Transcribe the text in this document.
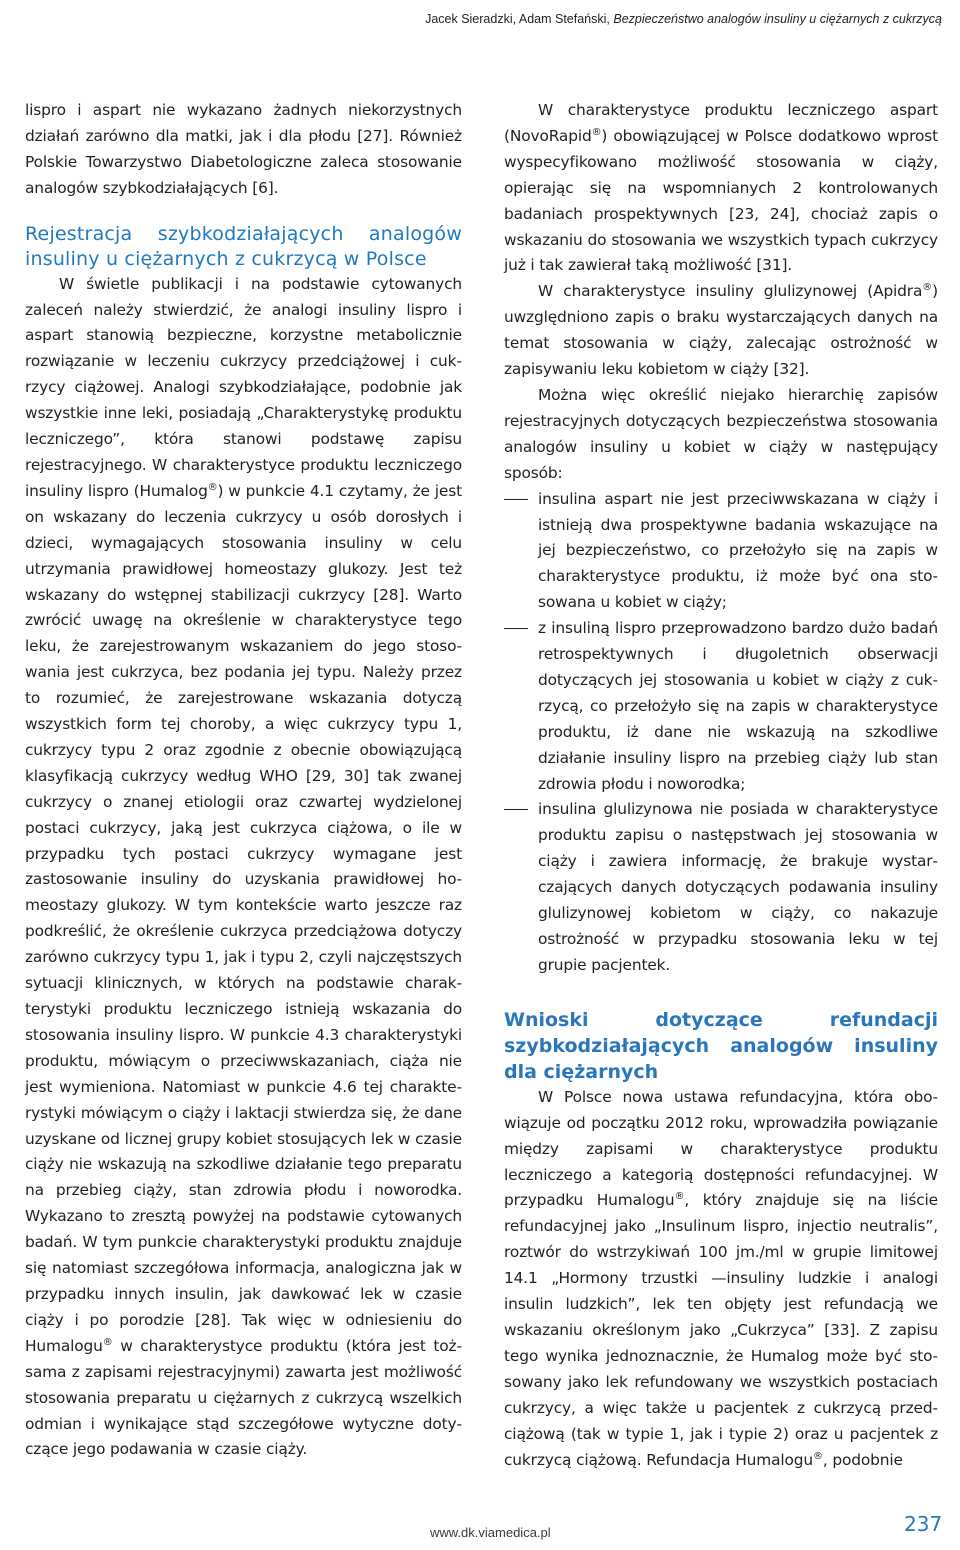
Jacek Sieradzki, Adam Stefański, Bezpieczeństwo analogów insuliny u ciężarnych z cukrzycą

lispro i aspart nie wykazano żadnych niekorzystnych działań zarówno dla matki, jak i dla płodu [27]. Również Polskie Towarzystwo Diabetologiczne zaleca stosowanie analogów szybkodziałających [6].

Rejestracja szybkodziałających analogów insuliny u ciężarnych z cukrzycą w Polsce

W świetle publikacji i na podstawie cytowanych zaleceń należy stwierdzić, że analogi insuliny lispro i aspart stanowią bezpieczne, korzystne metabolicznie rozwiązanie w leczeniu cukrzycy przedciążowej i cukrzycy ciążowej. Analogi szybkodziałające, podobnie jak wszystkie inne leki, posiadają „Charakterystykę produktu leczniczego”, która stanowi podstawę zapisu rejestracyjnego. W charakterystyce produktu leczniczego insuliny lispro (Humalog®) w punkcie 4.1 czytamy, że jest on wskazany do leczenia cukrzycy u osób dorosłych i dzieci, wymagających stosowania insuliny w celu utrzymania prawidłowej homeostazy glukozy. Jest też wskazany do wstępnej stabilizacji cukrzycy [28]. Warto zwrócić uwagę na określenie w charakterystyce tego leku, że zarejestrowanym wskazaniem do jego stosowania jest cukrzyca, bez podania jej typu. Należy przez to rozumieć, że zarejestrowane wskazania dotyczą wszystkich form tej choroby, a więc cukrzycy typu 1, cukrzycy typu 2 oraz zgodnie z obecnie obowiązującą klasyfikacją cukrzycy według WHO [29, 30] tak zwanej cukrzycy o znanej etiologii oraz czwartej wydzielonej postaci cukrzycy, jaką jest cukrzyca ciążowa, o ile w przypadku tych postaci cukrzycy wymagane jest zastosowanie insuliny do uzyskania prawidłowej homeostazy glukozy. W tym kontekście warto jeszcze raz podkreślić, że określenie cukrzyca przedciążowa dotyczy zarówno cukrzycy typu 1, jak i typu 2, czyli najczęstszych sytuacji klinicznych, w których na podstawie charakterystyki produktu leczniczego istnieją wskazania do stosowania insuliny lispro. W punkcie 4.3 charakterystyki produktu, mówiącym o przeciwwskazaniach, ciąża nie jest wymieniona. Natomiast w punkcie 4.6 tej charakterystyki mówiącym o ciąży i laktacji stwierdza się, że dane uzyskane od licznej grupy kobiet stosujących lek w czasie ciąży nie wskazują na szkodliwe działanie tego preparatu na przebieg ciąży, stan zdrowia płodu i noworodka. Wykazano to zresztą powyżej na podstawie cytowanych badań. W tym punkcie charakterystyki produktu znajduje się natomiast szczegółowa informacja, analogiczna jak w przypadku innych insulin, jak dawkować lek w czasie ciąży i po porodzie [28]. Tak więc w odniesieniu do Humalogu® w charakterystyce produktu (która jest tożsama z zapisami rejestracyjnymi) zawarta jest możliwość stosowania preparatu u ciężarnych z cukrzycą wszelkich odmian i wynikające stąd szczegółowe wytyczne dotyczące jego podawania w czasie ciąży.

W charakterystyce produktu leczniczego aspart (NovoRapid®) obowiązującej w Polsce dodatkowo wprost wyspecyfikowano możliwość stosowania w ciąży, opierając się na wspomnianych 2 kontrolowanych badaniach prospektywnych [23, 24], chociaż zapis o wskazaniu do stosowania we wszystkich typach cukrzycy już i tak zawierał taką możliwość [31].

W charakterystyce insuliny glulizynowej (Apidra®) uwzględniono zapis o braku wystarczających danych na temat stosowania w ciąży, zalecając ostrożność w zapisywaniu leku kobietom w ciąży [32].

Można więc określić niejako hierarchię zapisów rejestracyjnych dotyczących bezpieczeństwa stosowania analogów insuliny u kobiet w ciąży w następujący sposób:

insulina aspart nie jest przeciwwskazana w ciąży i istnieją dwa prospektywne badania wskazujące na jej bezpieczeństwo, co przełożyło się na zapis w charakterystyce produktu, iż może być ona stosowana u kobiet w ciąży;
z insuliną lispro przeprowadzono bardzo dużo badań retrospektywnych i długoletnich obserwacji dotyczących jej stosowania u kobiet w ciąży z cukrzycą, co przełożyło się na zapis w charakterystyce produktu, iż dane nie wskazują na szkodliwe działanie insuliny lispro na przebieg ciąży lub stan zdrowia płodu i noworodka;
insulina glulizynowa nie posiada w charakterystyce produktu zapisu o następstwach jej stosowania w ciąży i zawiera informację, że brakuje wystarczających danych dotyczących podawania insuliny glulizynowej kobietom w ciąży, co nakazuje ostrożność w przypadku stosowania leku w tej grupie pacjentek.
Wnioski dotyczące refundacji szybkodziałających analogów insuliny dla ciężarnych

W Polsce nowa ustawa refundacyjna, która obowiązuje od początku 2012 roku, wprowadziła powiązanie między zapisami w charakterystyce produktu leczniczego a kategorią dostępności refundacyjnej. W przypadku Humalogu®, który znajduje się na liście refundacyjnej jako „Insulinum lispro, injectio neutralis”, roztwór do wstrzykiwań 100 jm./ml w grupie limitowej 14.1 „Hormony trzustki —insuliny ludzkie i analogi insulin ludzkich”, lek ten objęty jest refundacją we wskazaniu określonym jako „Cukrzyca” [33]. Z zapisu tego wynika jednoznacznie, że Humalog może być stosowany jako lek refundowany we wszystkich postaciach cukrzycy, a więc także u pacjentek z cukrzycą przedciążową (tak w typie 1, jak i typie 2) oraz u pacjentek z cukrzycą ciążową. Refundacja Humalogu®, podobnie

www.dk.viamedica.pl	237
